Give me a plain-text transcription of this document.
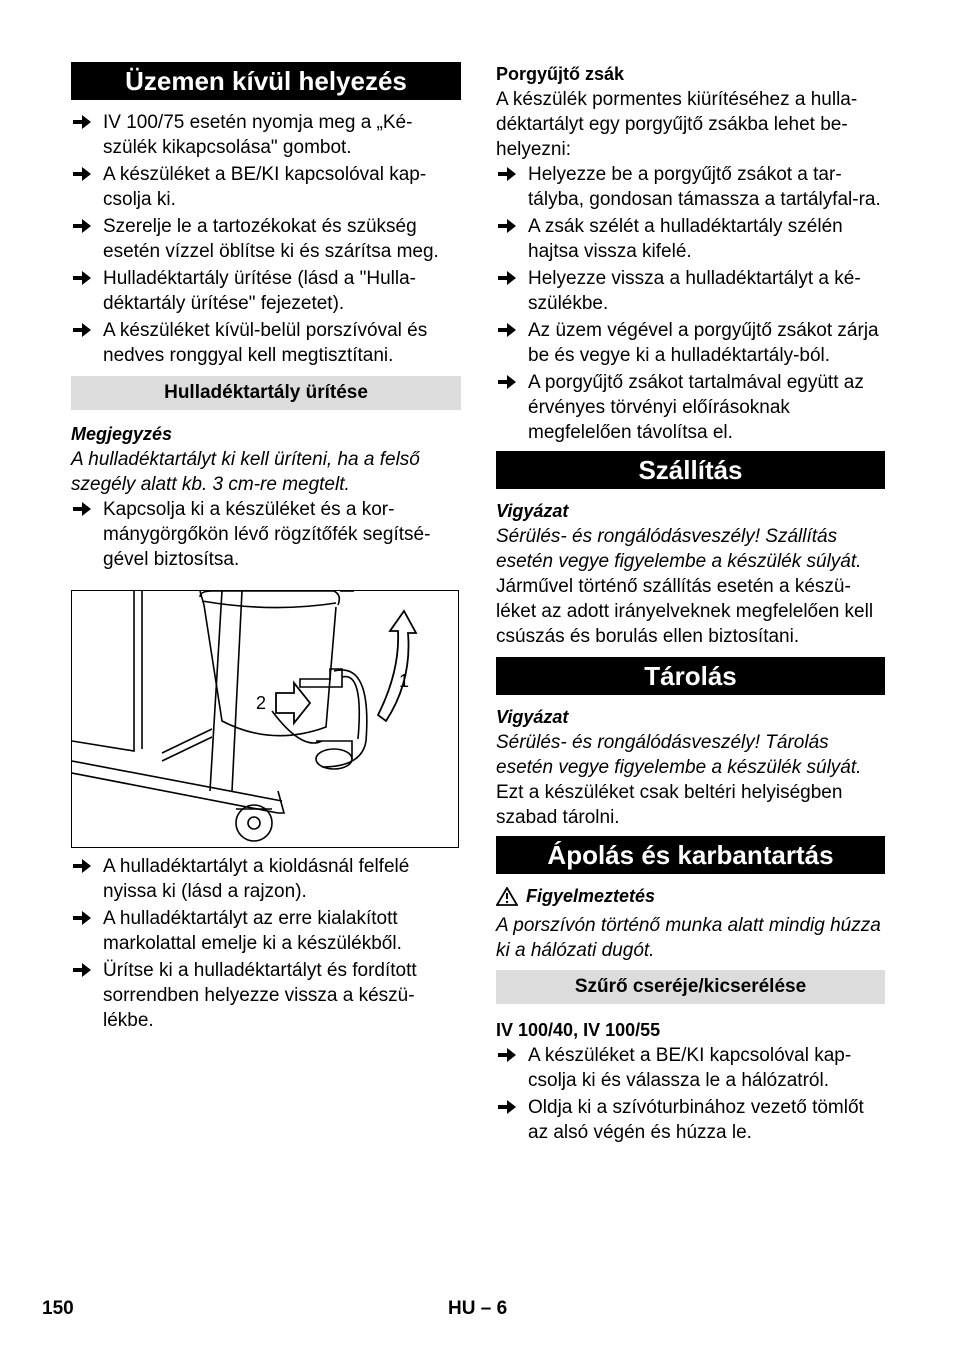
Üzemen kívül helyezés
IV 100/75 esetén nyomja meg a „Ké-szülék kikapcsolása" gombot.
A készüléket a BE/KI kapcsolóval kap-csolja ki.
Szerelje le a tartozékokat és szükség esetén vízzel öblítse ki és szárítsa meg.
Hulladéktartály ürítése (lásd a "Hulla-déktartály ürítése" fejezetet).
A készüléket kívül-belül porszívóval és nedves ronggyal kell megtisztítani.
Hulladéktartály ürítése

Megjegyzés

A hulladéktartályt ki kell üríteni, ha a felső szegély alatt kb. 3 cm-re megtelt.

Kapcsolja ki a készüléket és a kor-mánygörgőkön lévő rögzítőfék segítsé-gével biztosítsa.
2
1
A hulladéktartályt a kioldásnál felfelé nyissa ki (lásd a rajzon).
A hulladéktartályt az erre kialakított markolattal emelje ki a készülékből.
Ürítse ki a hulladéktartályt és fordított sorrendben helyezze vissza a készü-lékbe.

Porgyűjtő zsák

A készülék pormentes kiürítéséhez a hulla-déktartályt egy porgyűjtő zsákba lehet be-helyezni:

Helyezze be a porgyűjtő zsákot a tar-tályba, gondosan támassza a tartályfal-ra.
A zsák szélét a hulladéktartály szélén hajtsa vissza kifelé.
Helyezze vissza a hulladéktartályt a ké-szülékbe.
Az üzem végével a porgyűjtő zsákot zárja be és vegye ki a hulladéktartály-ból.
A porgyűjtő zsákot tartalmával együtt az érvényes törvényi előírásoknak megfelelően távolítsa el.
Szállítás

Vigyázat

Sérülés- és rongálódásveszély! Szállítás esetén vegye figyelembe a készülék súlyát.

Járművel történő szállítás esetén a készü-léket az adott irányelveknek megfelelően kell csúszás és borulás ellen biztosítani.

Tárolás

Vigyázat

Sérülés- és rongálódásveszély! Tárolás esetén vegye figyelembe a készülék súlyát.

Ezt a készüléket csak beltéri helyiségben szabad tárolni.

Ápolás és karbantartás
Figyelmeztetés

A porszívón történő munka alatt mindig húzza ki a hálózati dugót.

Szűrő cseréje/kicserélése

IV 100/40, IV 100/55

A készüléket a BE/KI kapcsolóval kap-csolja ki és válassza le a hálózatról.
Oldja ki a szívóturbinához vezető tömlőt az alsó végén és húzza le.
150	HU – 6
